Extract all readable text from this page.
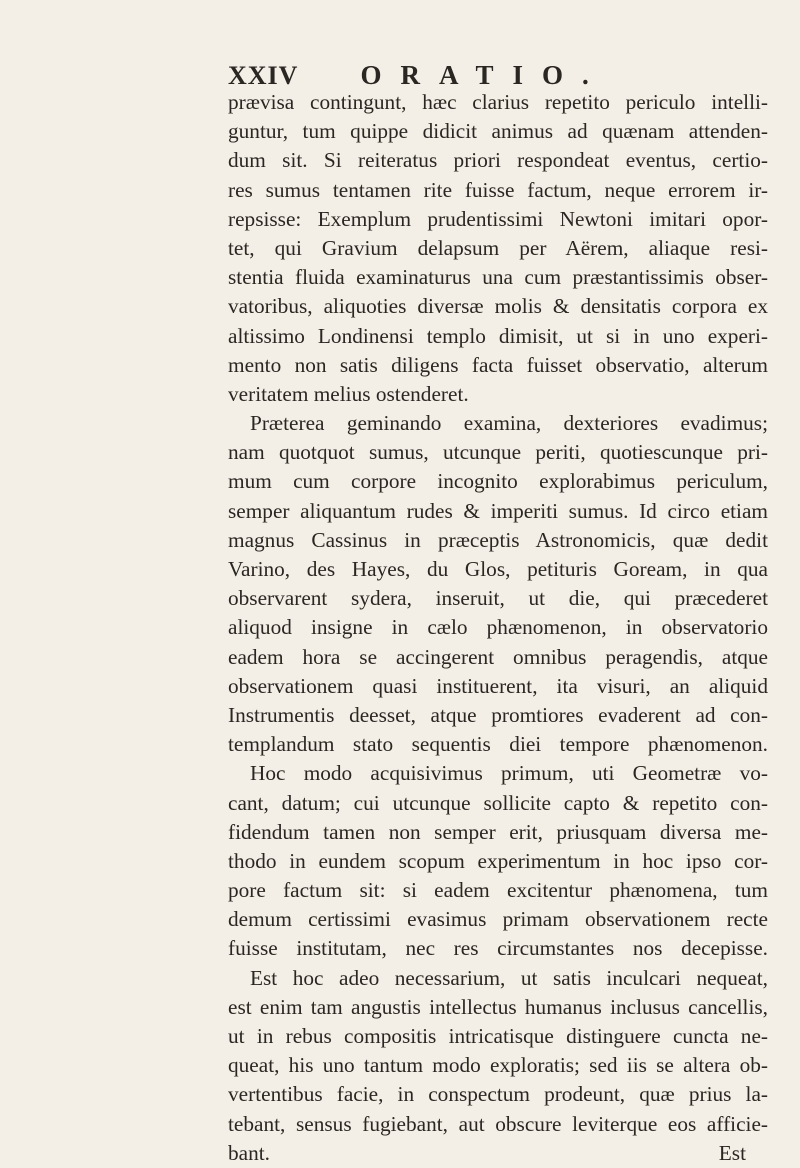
XXIV ORATIO.
prævisa contingunt, hæc clarius repetito periculo intelli-
guntur, tum quippe didicit animus ad quænam attenden-
dum sit. Si reiteratus priori respondeat eventus, certio-
res sumus tentamen rite fuisse factum, neque errorem ir-
repsisse: Exemplum prudentissimi Newtoni imitari opor-
tet, qui Gravium delapsum per Aërem, aliaque resi-
stentia fluida examinaturus una cum præstantissimis obser-
vatoribus, aliquoties diversæ molis & densitatis corpora ex
altissimo Londinensi templo dimisit, ut si in uno experi-
mento non satis diligens facta fuisset observatio, alterum
veritatem melius ostenderet.
Præterea geminando examina, dexteriores evadimus;
nam quotquot sumus, utcunque periti, quotiescunque pri-
mum cum corpore incognito explorabimus periculum,
semper aliquantum rudes & imperiti sumus. Id circo etiam
magnus Cassinus in præceptis Astronomicis, quæ dedit
Varino, des Hayes, du Glos, petituris Goream, in qua
observarent sydera, inseruit, ut die, qui præcederet
aliquod insigne in cælo phænomenon, in observatorio
eadem hora se accingerent omnibus peragendis, atque
observationem quasi instituerent, ita visuri, an aliquid
Instrumentis deesset, atque promtiores evaderent ad con-
templandum stato sequentis diei tempore phænomenon.
Hoc modo acquisivimus primum, uti Geometræ vo-
cant, datum; cui utcunque sollicite capto & repetito con-
fidendum tamen non semper erit, priusquam diversa me-
thodo in eundem scopum experimentum in hoc ipso cor-
pore factum sit: si eadem excitentur phænomena, tum
demum certissimi evasimus primam observationem recte
fuisse institutam, nec res circumstantes nos decepisse.
Est hoc adeo necessarium, ut satis inculcari nequeat,
est enim tam angustis intellectus humanus inclusus cancellis,
ut in rebus compositis intricatisque distinguere cuncta ne-
queat, his uno tantum modo exploratis; sed iis se altera ob-
vertentibus facie, in conspectum prodeunt, quæ prius la-
tebant, sensus fugiebant, aut obscure leviterque eos afficie-
bant.	Est
